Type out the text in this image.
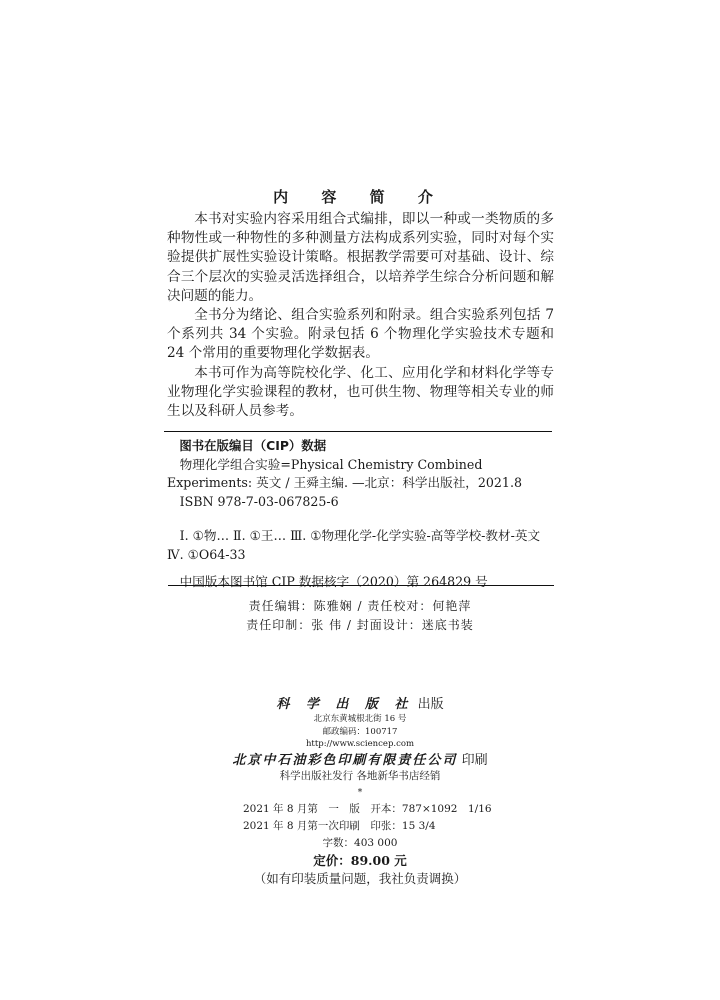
内 容 简 介

本书对实验内容采用组合式编排，即以一种或一类物质的多种物性或一种物性的多种测量方法构成系列实验，同时对每个实验提供扩展性实验设计策略。根据教学需要可对基础、设计、综合三个层次的实验灵活选择组合，以培养学生综合分析问题和解决问题的能力。

全书分为绪论、组合实验系列和附录。组合实验系列包括 7 个系列共 34 个实验。附录包括 6 个物理化学实验技术专题和 24 个常用的重要物理化学数据表。

本书可作为高等院校化学、化工、应用化学和材料化学等专业物理化学实验课程的教材，也可供生物、物理等相关专业的师生以及科研人员参考。

图书在版编目（CIP）数据
物理化学组合实验=Physical Chemistry Combined Experiments: 英文 / 王舜主编. —北京：科学出版社，2021.8
ISBN 978-7-03-067825-6
Ⅰ. ①物… Ⅱ. ①王… Ⅲ. ①物理化学-化学实验-高等学校-教材-英文 Ⅳ. ①O64-33
中国版本图书馆 CIP 数据核字（2020）第 264829 号
责任编辑：陈雅娴 / 责任校对：何艳萍
责任印制：张 伟 / 封面设计：迷底书装
科 学 出 版 社 出版
北京东黄城根北街 16 号
邮政编码：100717
http://www.sciencep.com
北京中石油彩色印刷有限责任公司 印刷
科学出版社发行 各地新华书店经销
*
2021 年 8 月第　一　版　开本：787×1092　1/16
2021 年 8 月第一次印刷　印张：15 3/4
字数：403 000
定价：89.00 元
（如有印装质量问题，我社负责调换）
